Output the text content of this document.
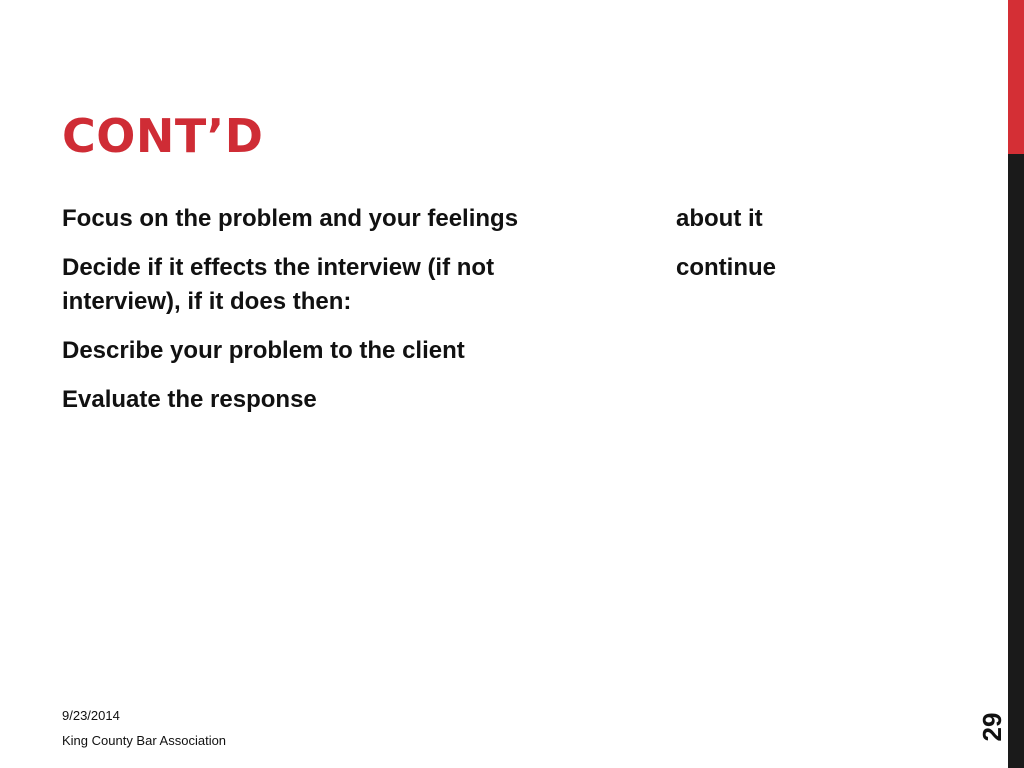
CONT’D
Focus on the problem and your feelings	about it
Decide if it effects the interview (if not	continue
interview), if it does then:
Describe your problem to the client
Evaluate the response
9/23/2014
King County Bar Association	29
